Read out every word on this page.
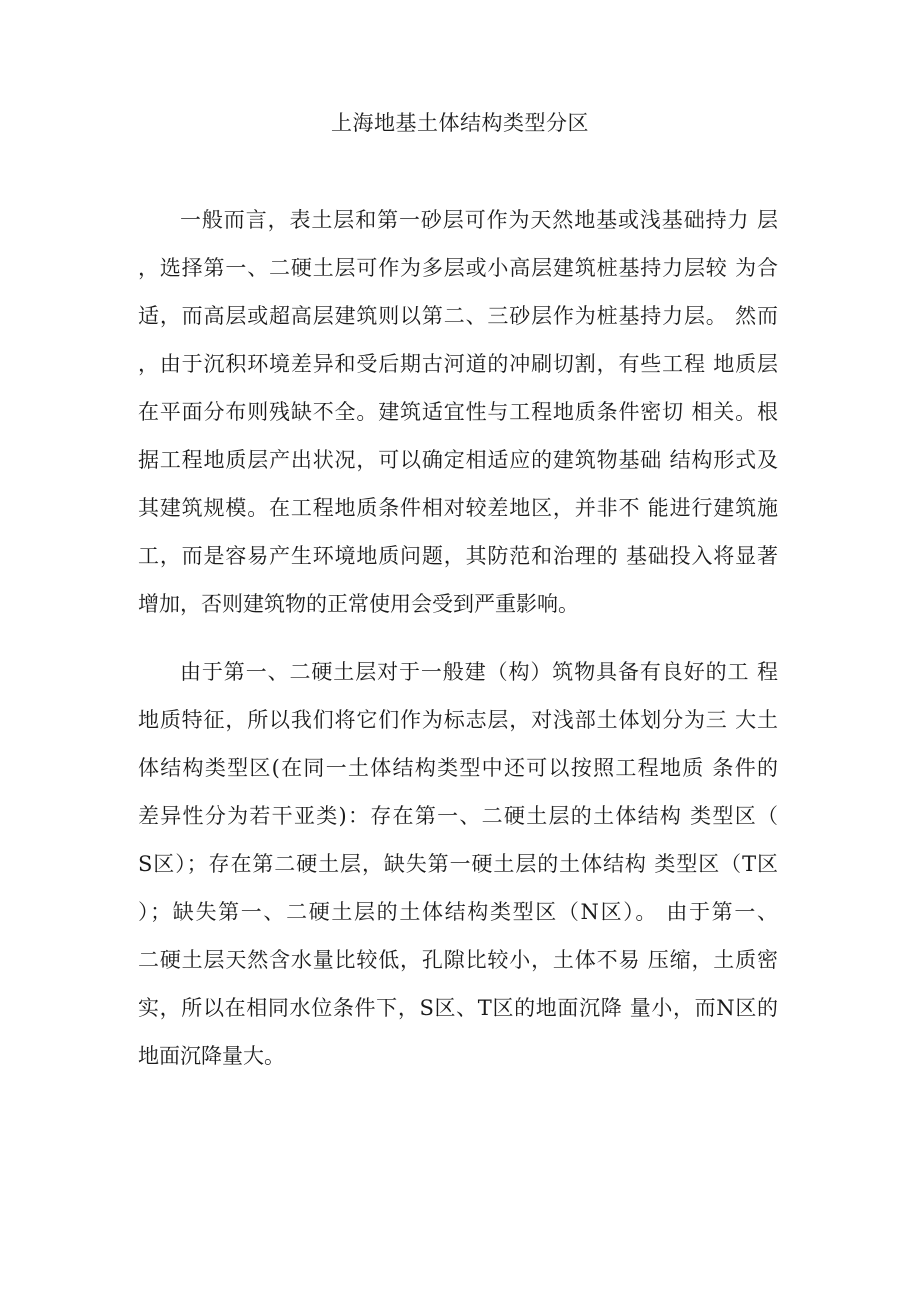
上海地基土体结构类型分区
一般而言，表土层和第一砂层可作为天然地基或浅基础持力 层
，选择第一、二硬土层可作为多层或小高层建筑桩基持力层较 为合
适，而高层或超高层建筑则以第二、三砂层作为桩基持力层。 然而
，由于沉积环境差异和受后期古河道的冲刷切割，有些工程 地质层
在平面分布则残缺不全。建筑适宜性与工程地质条件密切 相关。根
据工程地质层产出状况，可以确定相适应的建筑物基础 结构形式及
其建筑规模。在工程地质条件相对较差地区，并非不 能进行建筑施
工，而是容易产生环境地质问题，其防范和治理的 基础投入将显著
增加，否则建筑物的正常使用会受到严重影响。
由于第一、二硬土层对于一般建（构）筑物具备有良好的工 程
地质特征，所以我们将它们作为标志层，对浅部土体划分为三 大土
体结构类型区(在同一土体结构类型中还可以按照工程地质 条件的
差异性分为若干亚类)：存在第一、二硬土层的土体结构 类型区（
S区）；存在第二硬土层，缺失第一硬土层的土体结构 类型区（T区
）；缺失第一、二硬土层的土体结构类型区（N区）。 由于第一、
二硬土层天然含水量比较低，孔隙比较小，土体不易 压缩，土质密
实，所以在相同水位条件下，S区、T区的地面沉降 量小，而N区的
地面沉降量大。
